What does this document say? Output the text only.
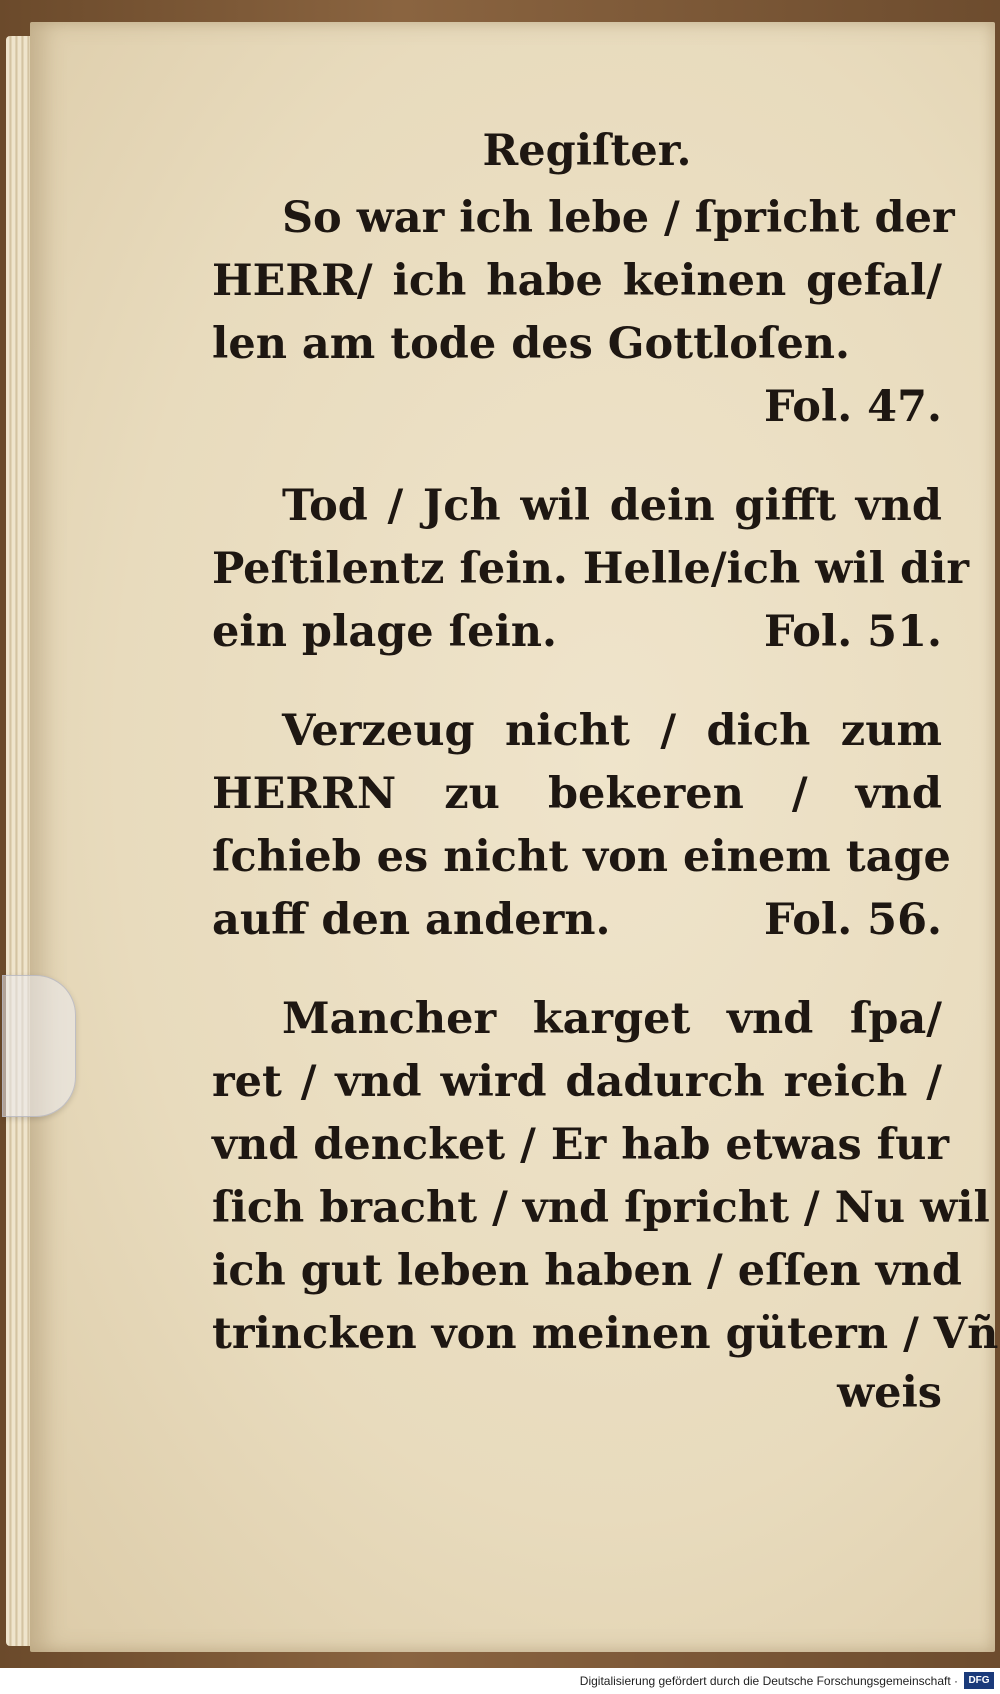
Regiſter.
So war ich lebe / ſpricht der
HERR/ ich habe keinen gefal/
len am tode des Gottloſen.
Fol. 47.
Tod / Jch wil dein gifft vnd
Peſtilentz ſein. Helle/ich wil dir
ein plage ſein.	Fol. 51.
Verzeug nicht / dich zum
HERRN zu bekeren / vnd
ſchieb es nicht von einem tage
auff den andern.	Fol. 56.
Mancher karget vnd ſpa/
ret / vnd wird dadurch reich /
vnd dencket / Er hab etwas fur
ſich bracht / vnd ſpricht / Nu wil
ich gut leben haben / eſſen vnd
trincken von meinen gütern / Vñ
weis
Digitalisierung gefördert durch die Deutsche Forschungsgemeinschaft ·	DFG
